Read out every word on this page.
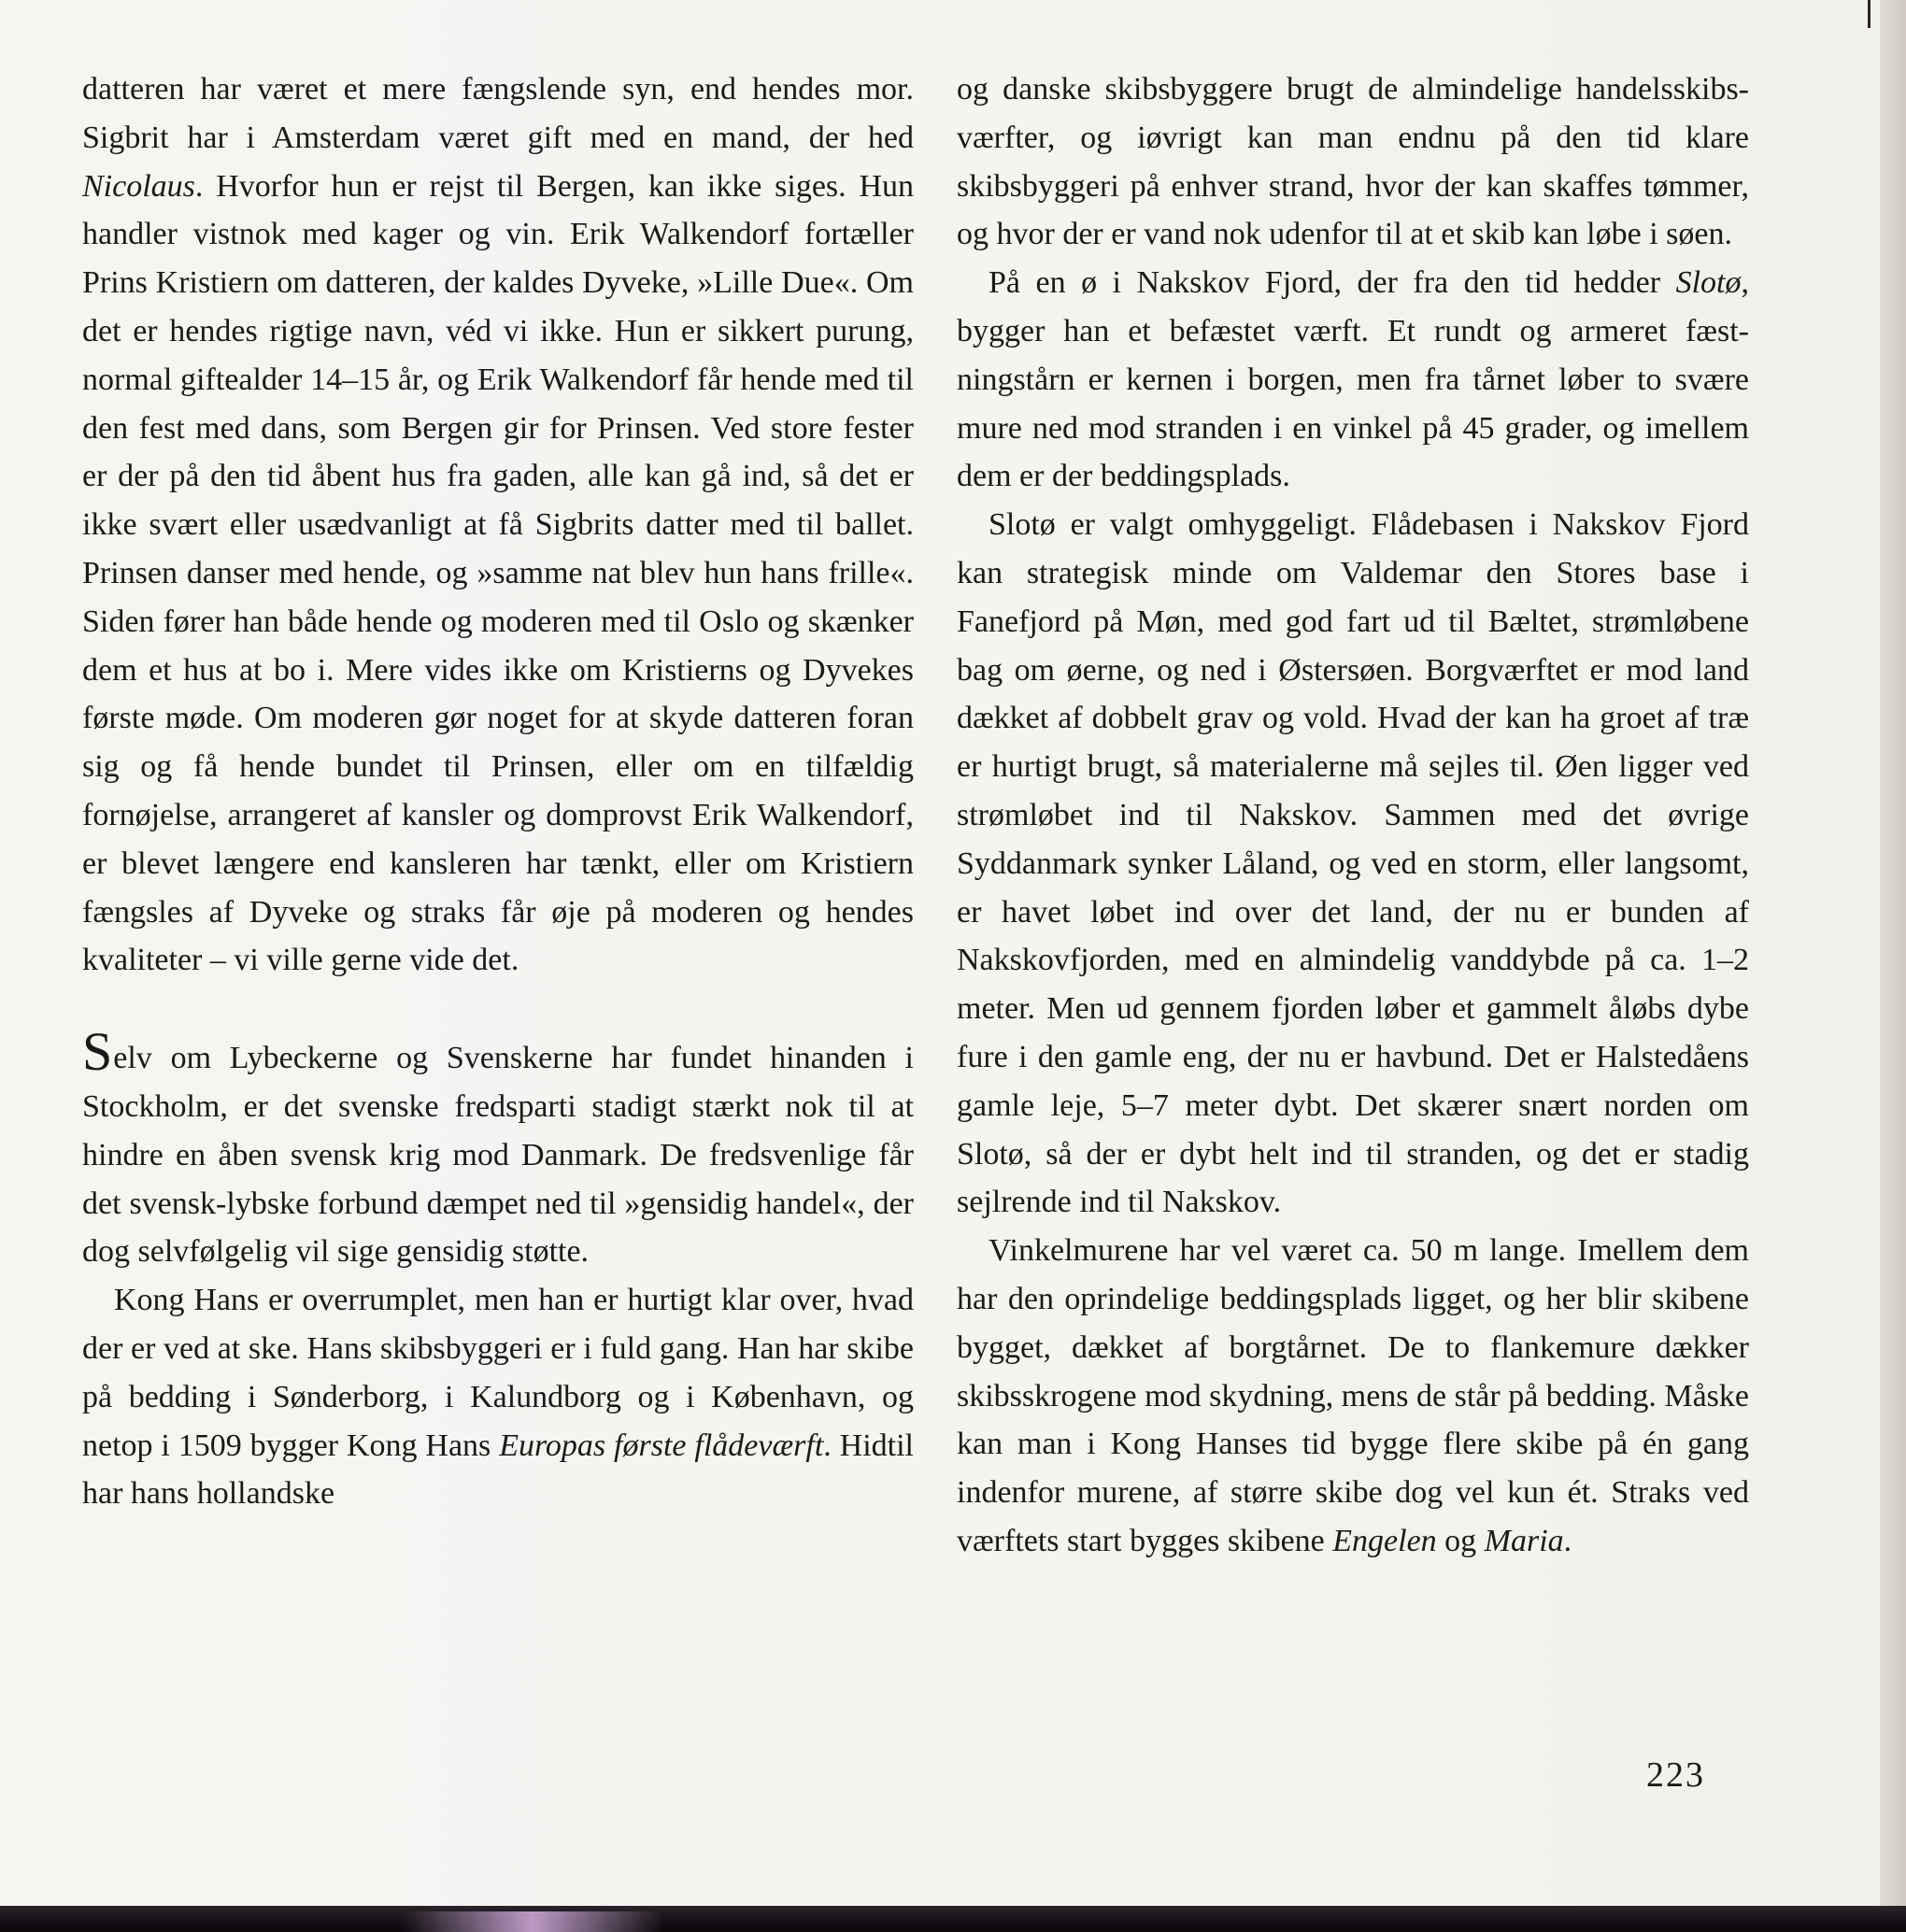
datteren har været et mere fængslende syn, end hendes mor. Sigbrit har i Amsterdam været gift med en mand, der hed Nicolaus. Hvorfor hun er rejst til Bergen, kan ikke siges. Hun handler vistnok med kager og vin. Erik Walkendorf fortæller Prins Kristiern om datteren, der kaldes Dyveke, »Lille Due«. Om det er hendes rigtige navn, véd vi ikke. Hun er sikkert purung, normal giftealder 14–15 år, og Erik Walkendorf får hende med til den fest med dans, som Bergen gir for Prinsen. Ved store fester er der på den tid åbent hus fra gaden, alle kan gå ind, så det er ikke svært eller usædvanligt at få Sigbrits datter med til ballet. Prinsen danser med hende, og »samme nat blev hun hans frille«. Siden fører han både hende og moderen med til Oslo og skænker dem et hus at bo i. Mere vides ikke om Kristierns og Dyvekes første møde. Om moderen gør noget for at skyde datteren foran sig og få hende bundet til Prinsen, eller om en tilfældig fornøjelse, arrangeret af kansler og domprovst Erik Walkendorf, er blevet længere end kansleren har tænkt, eller om Kristiern fængsles af Dyveke og straks får øje på moderen og hendes kvaliteter – vi ville gerne vide det.

Selv om Lybeckerne og Svenskerne har fundet hinanden i Stockholm, er det svenske fredsparti stadigt stærkt nok til at hindre en åben svensk krig mod Danmark. De fredsvenlige får det svensk-lybske forbund dæmpet ned til »gensidig handel«, der dog selvfølgelig vil sige gensidig støtte.

Kong Hans er overrumplet, men han er hurtigt klar over, hvad der er ved at ske. Hans skibsbyggeri er i fuld gang. Han har skibe på bedding i Sønderborg, i Kalundborg og i København, og netop i 1509 bygger Kong Hans Europas første flådeværft. Hidtil har hans hollandske

og danske skibsbyggere brugt de almindelige handelsskibs-værfter, og iøvrigt kan man endnu på den tid klare skibsbyggeri på enhver strand, hvor der kan skaffes tømmer, og hvor der er vand nok udenfor til at et skib kan løbe i søen.

På en ø i Nakskov Fjord, der fra den tid hedder Slotø, bygger han et befæstet værft. Et rundt og armeret fæstningstårn er kernen i borgen, men fra tårnet løber to svære mure ned mod stranden i en vinkel på 45 grader, og imellem dem er der beddingsplads.

Slotø er valgt omhyggeligt. Flådebasen i Nakskov Fjord kan strategisk minde om Valdemar den Stores base i Fanefjord på Møn, med god fart ud til Bæltet, strømløbene bag om øerne, og ned i Østersøen. Borgværftet er mod land dækket af dobbelt grav og vold. Hvad der kan ha groet af træ er hurtigt brugt, så materialerne må sejles til. Øen ligger ved strømløbet ind til Nakskov. Sammen med det øvrige Syddanmark synker Låland, og ved en storm, eller langsomt, er havet løbet ind over det land, der nu er bunden af Nakskovfjorden, med en almindelig vanddybde på ca. 1–2 meter. Men ud gennem fjorden løber et gammelt åløbs dybe fure i den gamle eng, der nu er havbund. Det er Halstedåens gamle leje, 5–7 meter dybt. Det skærer snært norden om Slotø, så der er dybt helt ind til stranden, og det er stadig sejlrende ind til Nakskov.

Vinkelmurene har vel været ca. 50 m lange. Imellem dem har den oprindelige beddingsplads ligget, og her blir skibene bygget, dækket af borgtårnet. De to flankemure dækker skibsskrogene mod skydning, mens de står på bedding. Måske kan man i Kong Hanses tid bygge flere skibe på én gang indenfor murene, af større skibe dog vel kun ét. Straks ved værftets start bygges skibene Engelen og Maria.

223
